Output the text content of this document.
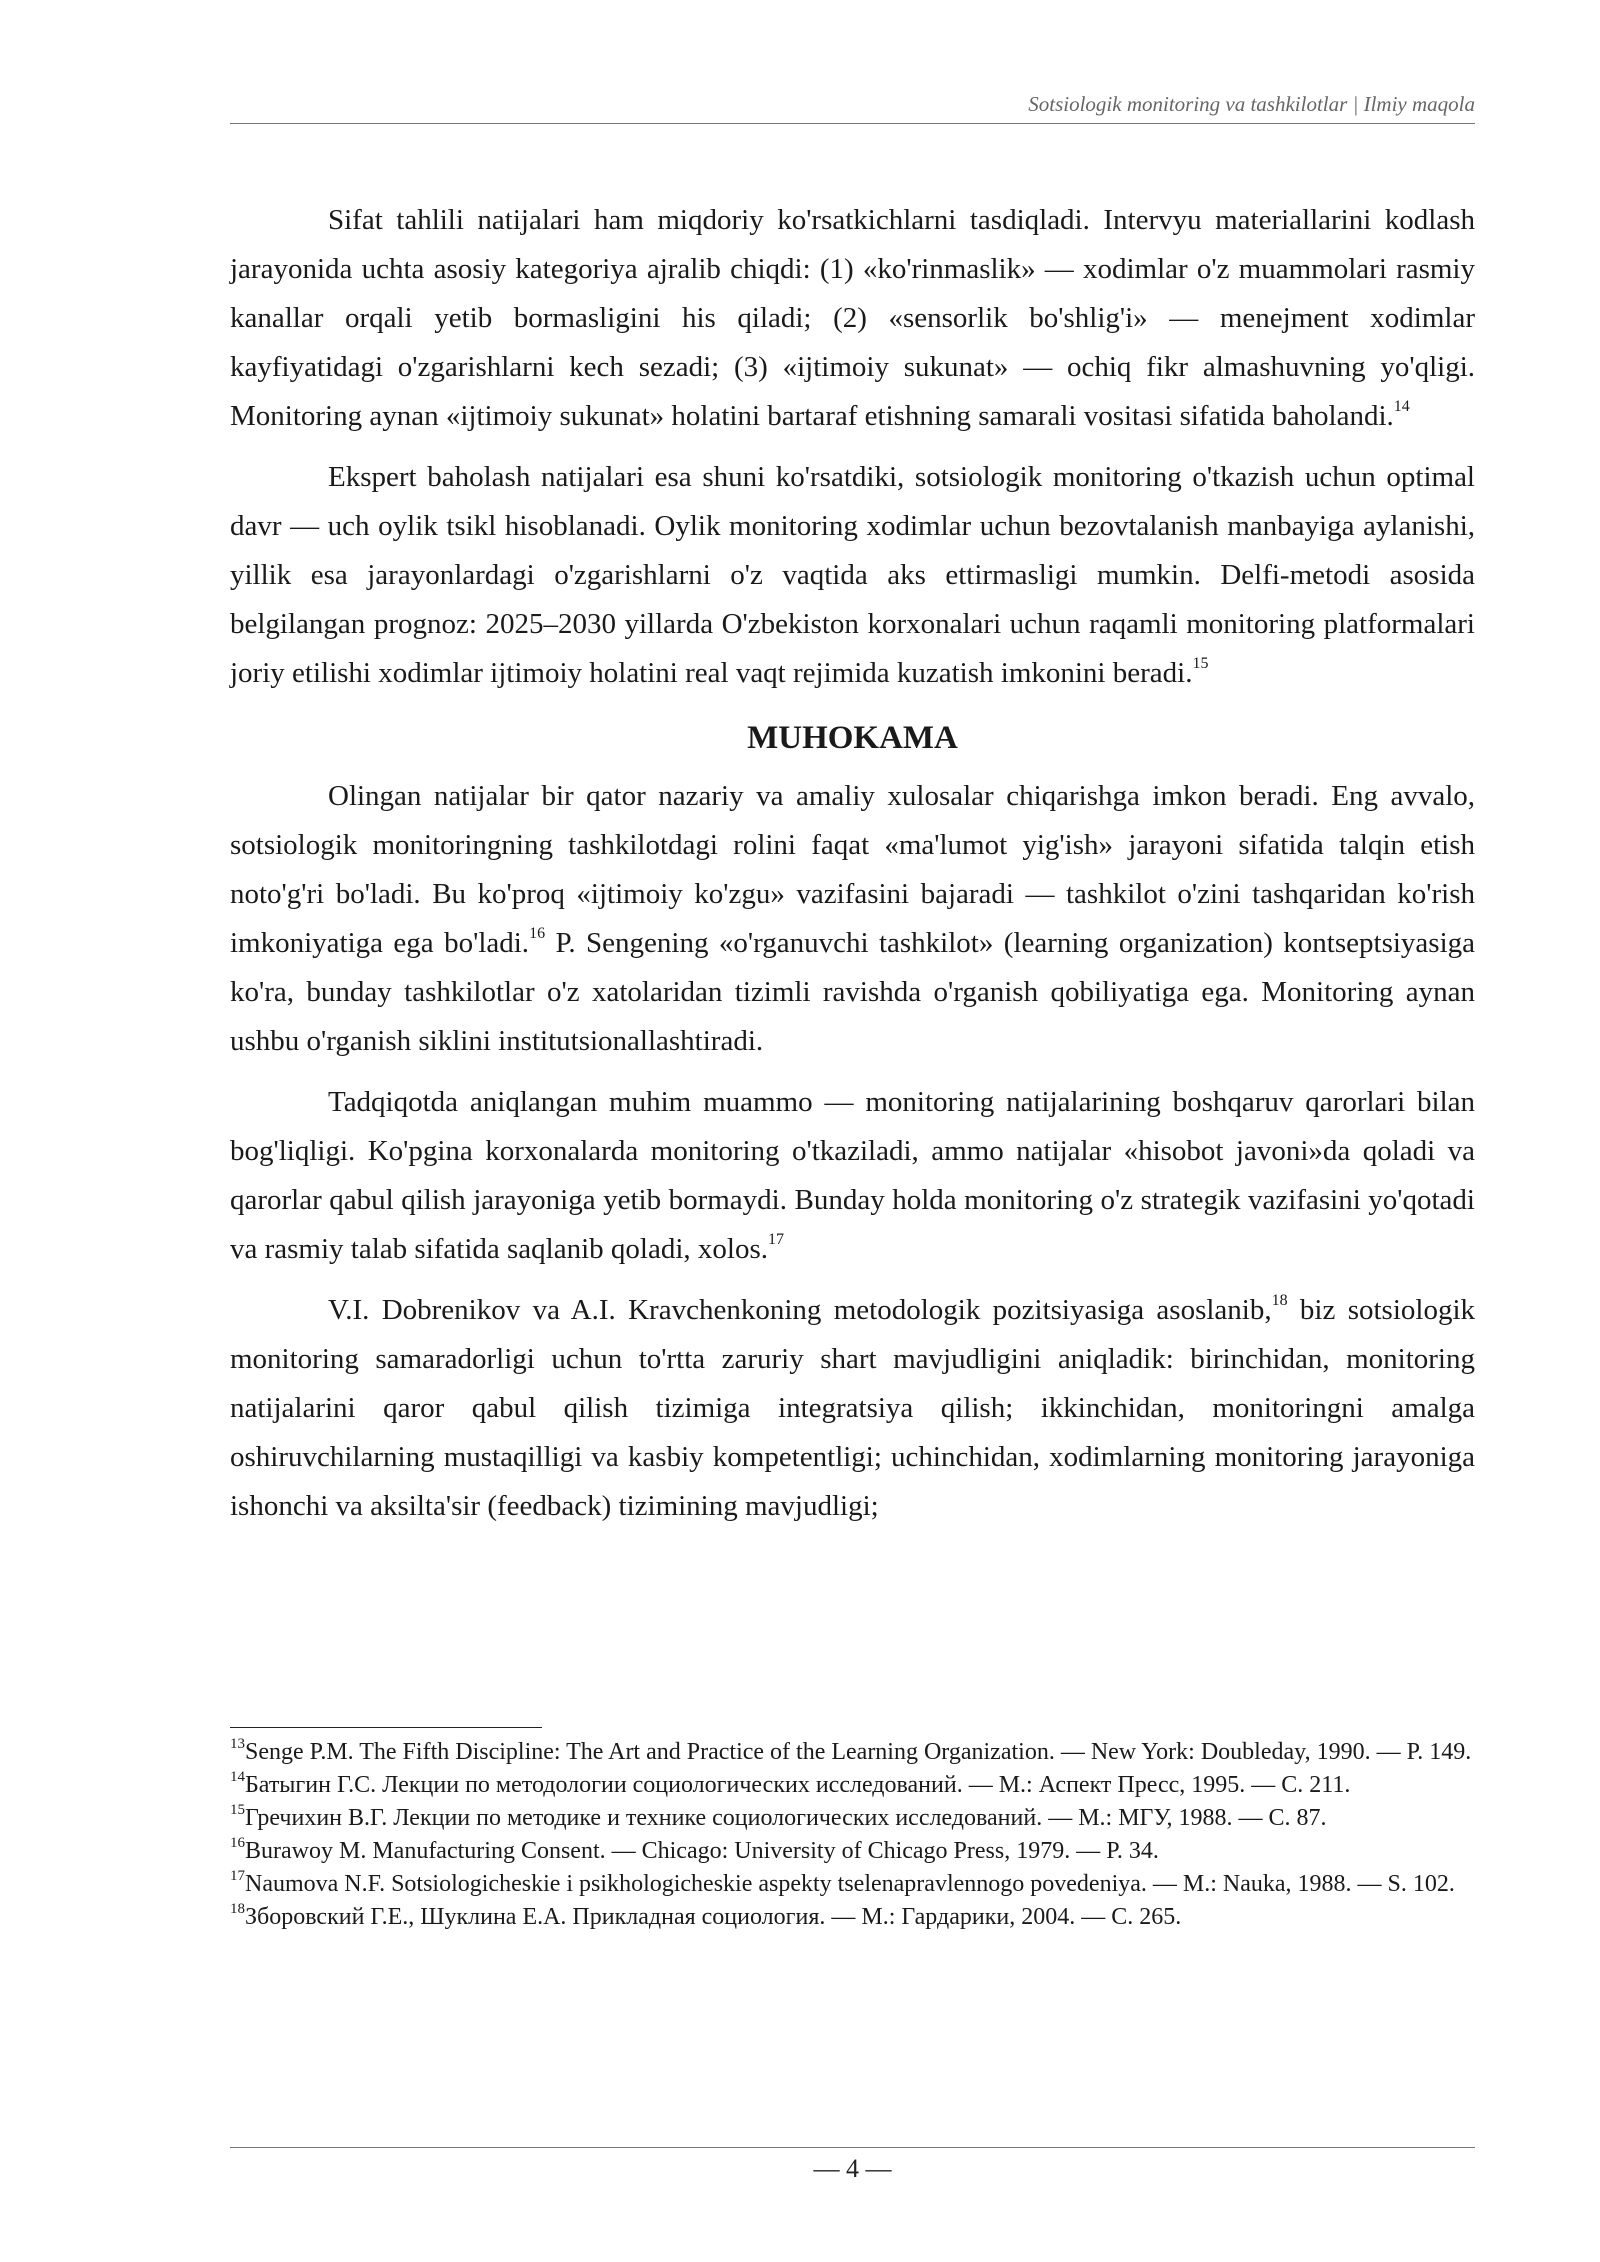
Sotsiologik monitoring va tashkilotlar | Ilmiy maqola

Sifat tahlili natijalari ham miqdoriy ko'rsatkichlarni tasdiqladi. Intervyu materiallarini kodlash jarayonida uchta asosiy kategoriya ajralib chiqdi: (1) «ko'rinmaslik» — xodimlar o'z muammolari rasmiy kanallar orqali yetib bormasligini his qiladi; (2) «sensorlik bo'shlig'i» — menejment xodimlar kayfiyatidagi o'zgarishlarni kech sezadi; (3) «ijtimoiy sukunat» — ochiq fikr almashuvning yo'qligi. Monitoring aynan «ijtimoiy sukunat» holatini bartaraf etishning samarali vositasi sifatida baholandi.$^{14}$

Ekspert baholash natijalari esa shuni ko'rsatdiki, sotsiologik monitoring o'tkazish uchun optimal davr — uch oylik tsikl hisoblanadi. Oylik monitoring xodimlar uchun bezovtalanish manbayiga aylanishi, yillik esa jarayonlardagi o'zgarishlarni o'z vaqtida aks ettirmasligi mumkin. Delfi-metodi asosida belgilangan prognoz: 2025–2030 yillarda O'zbekiston korxonalari uchun raqamli monitoring platformalari joriy etilishi xodimlar ijtimoiy holatini real vaqt rejimida kuzatish imkonini beradi.$^{15}$

MUHOKAMA

Olingan natijalar bir qator nazariy va amaliy xulosalar chiqarishga imkon beradi. Eng avvalo, sotsiologik monitoringning tashkilotdagi rolini faqat «ma'lumot yig'ish» jarayoni sifatida talqin etish noto'g'ri bo'ladi. Bu ko'proq «ijtimoiy ko'zgu» vazifasini bajaradi — tashkilot o'zini tashqaridan ko'rish imkoniyatiga ega bo'ladi.$^{16}$ P. Sengening «o'rganuvchi tashkilot» (learning organization) kontseptsiyasiga ko'ra, bunday tashkilotlar o'z xatolaridan tizimli ravishda o'rganish qobiliyatiga ega. Monitoring aynan ushbu o'rganish siklini institutsionallashtiradi.

Tadqiqotda aniqlangan muhim muammo — monitoring natijalarining boshqaruv qarorlari bilan bog'liqligi. Ko'pgina korxonalarda monitoring o'tkaziladi, ammo natijalar «hisobot javoni»da qoladi va qarorlar qabul qilish jarayoniga yetib bormaydi. Bunday holda monitoring o'z strategik vazifasini yo'qotadi va rasmiy talab sifatida saqlanib qoladi, xolos.$^{17}$

V.I. Dobrenikov va A.I. Kravchenkoning metodologik pozitsiyasiga asoslanib,$^{18}$ biz sotsiologik monitoring samaradorligi uchun to'rtta zaruriy shart mavjudligini aniqladik: birinchidan, monitoring natijalarini qaror qabul qilish tizimiga integratsiya qilish; ikkinchidan, monitoringni amalga oshiruvchilarning mustaqilligi va kasbiy kompetentligi; uchinchidan, xodimlarning monitoring jarayoniga ishonchi va aksilta'sir (feedback) tizimining mavjudligi;

$^{13}$Senge P.M. The Fifth Discipline: The Art and Practice of the Learning Organization. — New York: Doubleday, 1990. — P. 149.

$^{14}$Батыгин Г.С. Лекции по методологии социологических исследований. — М.: Аспект Пресс, 1995. — С. 211.

$^{15}$Гречихин В.Г. Лекции по методике и технике социологических исследований. — М.: МГУ, 1988. — С. 87.

$^{16}$Burawoy M. Manufacturing Consent. — Chicago: University of Chicago Press, 1979. — P. 34.

$^{17}$Naumova N.F. Sotsiologicheskie i psikhologicheskie aspekty tselenapravlennogo povedeniya. — M.: Nauka, 1988. — S. 102.

$^{18}$Зборовский Г.Е., Шуклина Е.А. Прикладная социология. — М.: Гардарики, 2004. — С. 265.

— 4 —
